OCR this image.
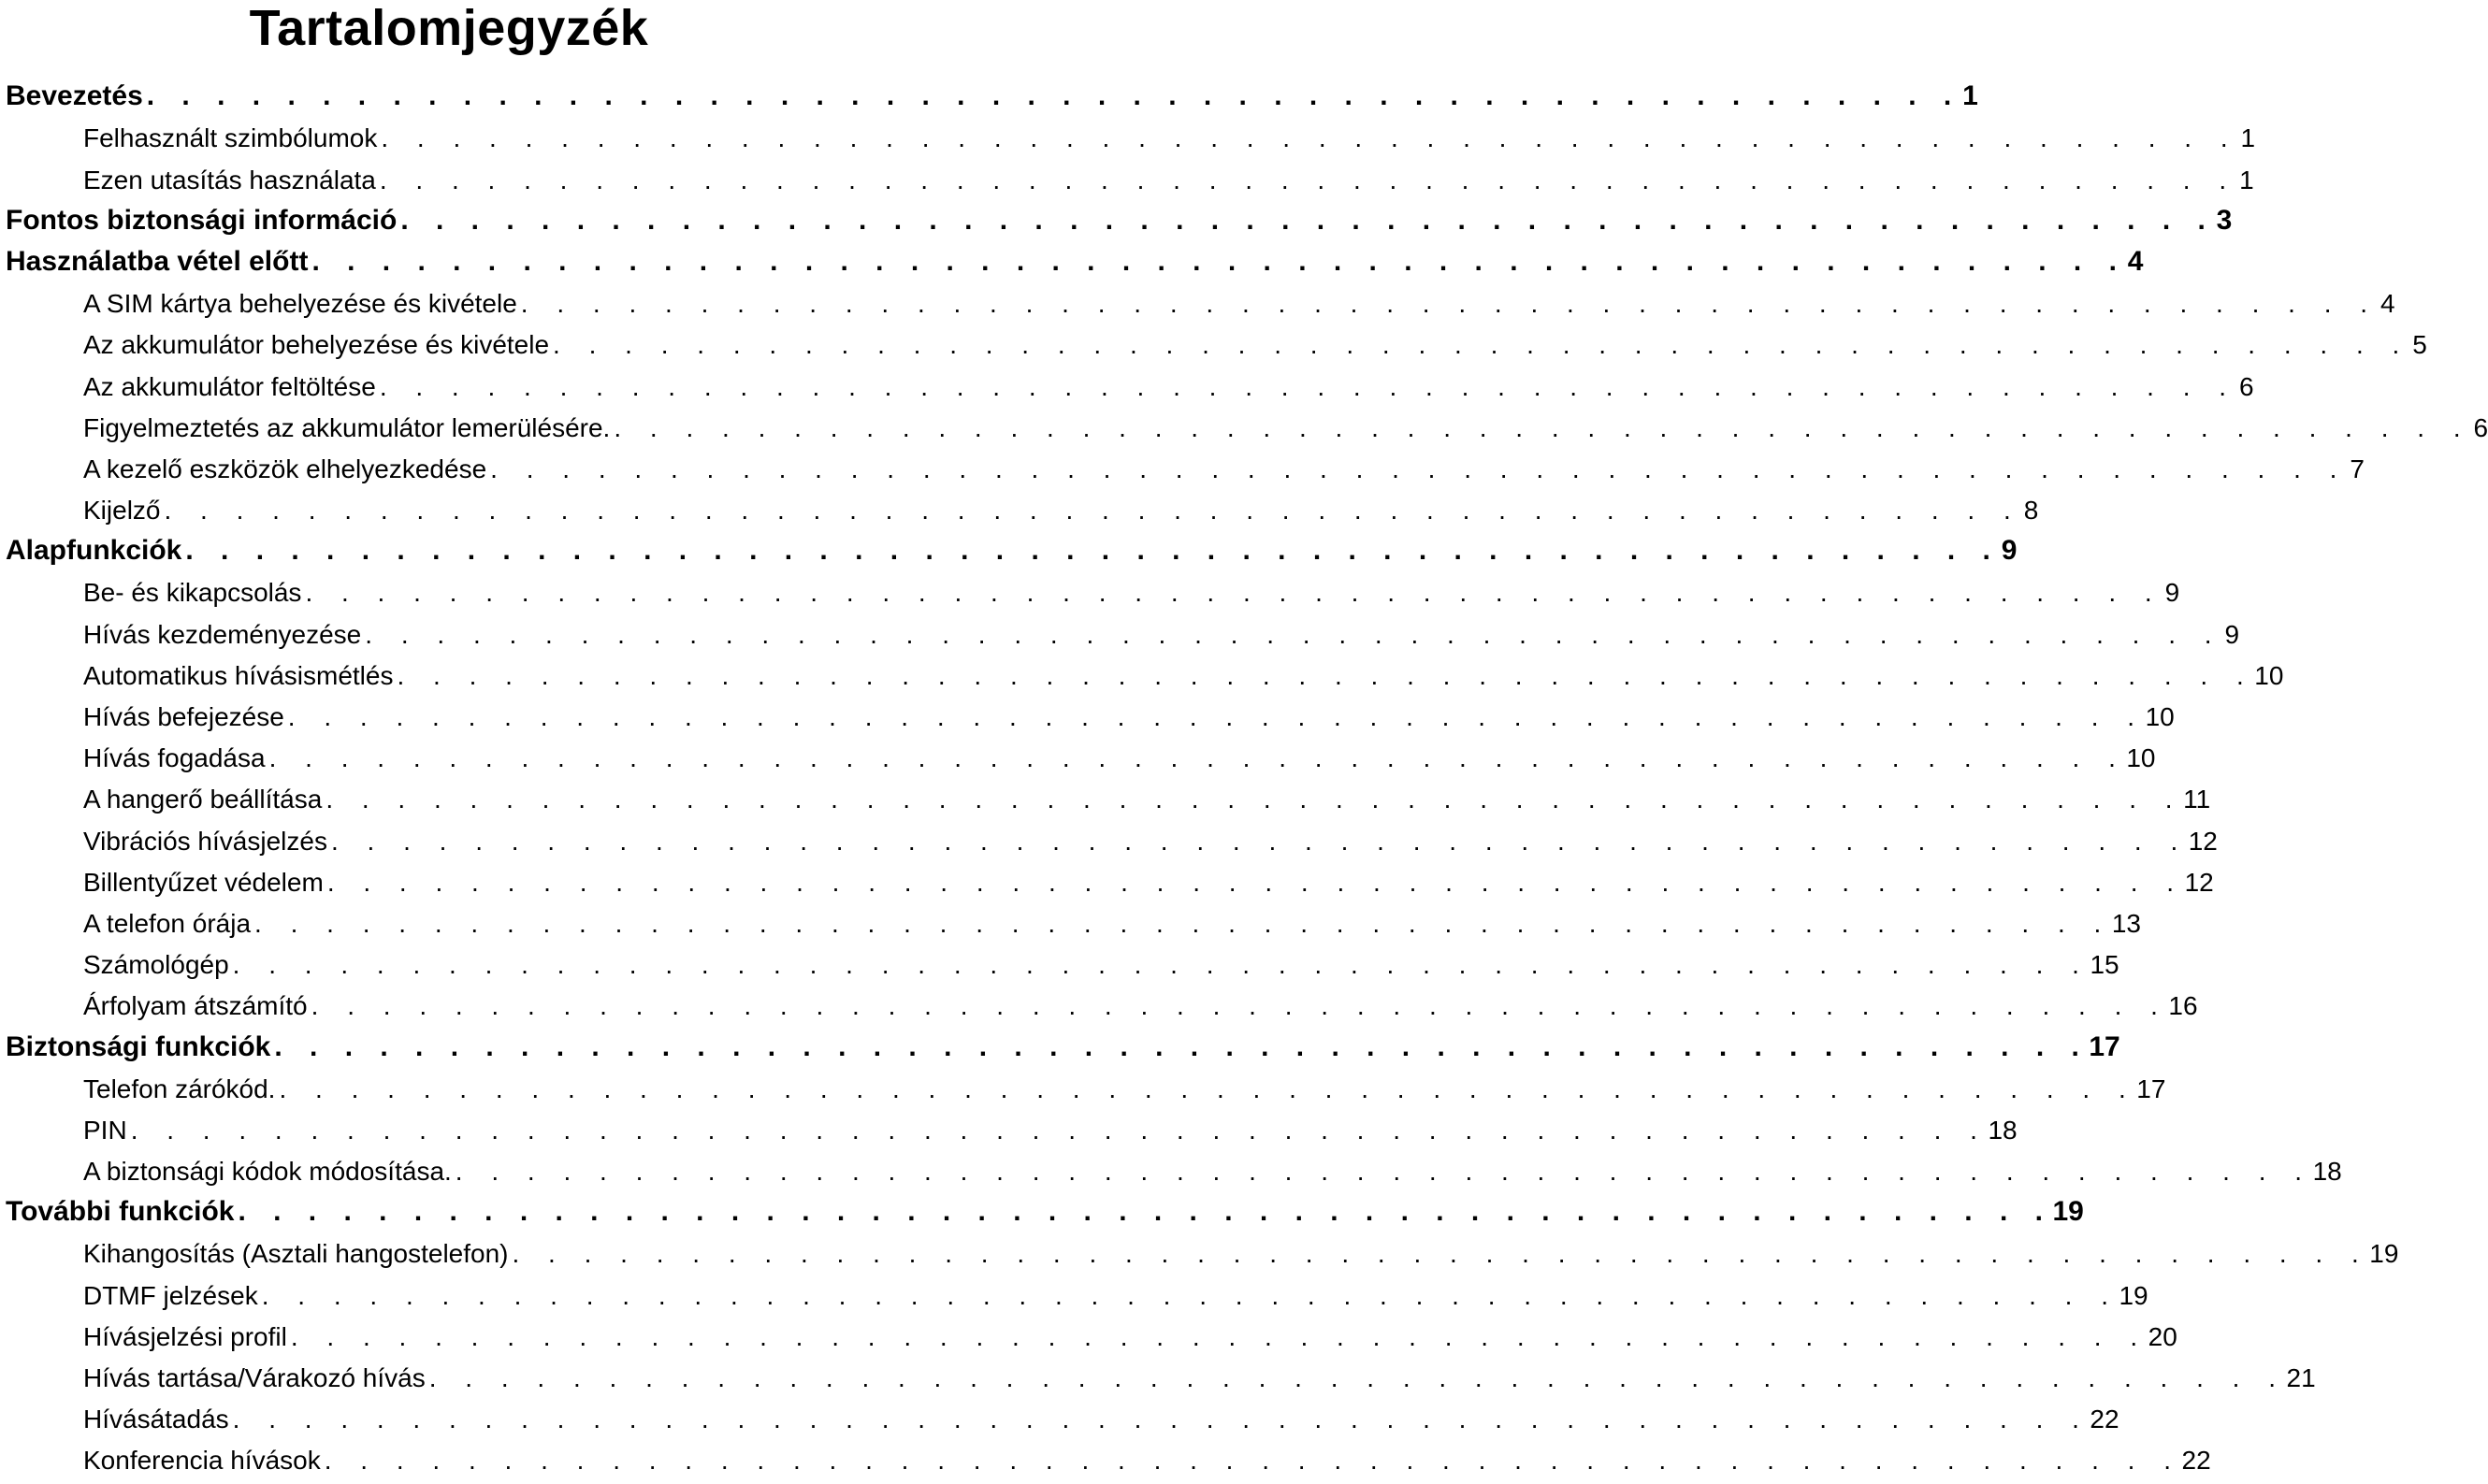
Tartalomjegyzék
Bevezetés . . . . . . . . . . . . . . . . . . . . . . . . . . . . . . . . . . . . . . . . . . . . . . . . . . . . 1
Felhasznált szimbólumok . . . . . . . . . . . . . . . . . . . . . . . . . . . . . . . . . . . . . . . . . . . . . . . . . . . . 1
Ezen utasítás használata . . . . . . . . . . . . . . . . . . . . . . . . . . . . . . . . . . . . . . . . . . . . . . . . . . . . 1
Fontos biztonsági információ . . . . . . . . . . . . . . . . . . . . . . . . . . . . . . . . . . . . . . . . . . . . . . . . . . . . 3
Használatba vétel előtt . . . . . . . . . . . . . . . . . . . . . . . . . . . . . . . . . . . . . . . . . . . . . . . . . . . . 4
A SIM kártya behelyezése és kivétele . . . . . . . . . . . . . . . . . . . . . . . . . . . . . . . . . . . . . . . . . . . . . . . . . . . . 4
Az akkumulátor behelyezése és kivétele . . . . . . . . . . . . . . . . . . . . . . . . . . . . . . . . . . . . . . . . . . . . . . . . . . . . 5
Az akkumulátor feltöltése . . . . . . . . . . . . . . . . . . . . . . . . . . . . . . . . . . . . . . . . . . . . . . . . . . . . 6
Figyelmeztetés az akkumulátor lemerülésére. . . . . . . . . . . . . . . . . . . . . . . . . . . . . . . . . . . . . . . . . . . . . . . . . . . . . 6
A kezelő eszközök elhelyezkedése . . . . . . . . . . . . . . . . . . . . . . . . . . . . . . . . . . . . . . . . . . . . . . . . . . . . 7
Kijelző . . . . . . . . . . . . . . . . . . . . . . . . . . . . . . . . . . . . . . . . . . . . . . . . . . . . 8
Alapfunkciók . . . . . . . . . . . . . . . . . . . . . . . . . . . . . . . . . . . . . . . . . . . . . . . . . . . . 9
Be- és kikapcsolás . . . . . . . . . . . . . . . . . . . . . . . . . . . . . . . . . . . . . . . . . . . . . . . . . . . . 9
Hívás kezdeményezése . . . . . . . . . . . . . . . . . . . . . . . . . . . . . . . . . . . . . . . . . . . . . . . . . . . . 9
Automatikus hívásismétlés . . . . . . . . . . . . . . . . . . . . . . . . . . . . . . . . . . . . . . . . . . . . . . . . . . . . 10
Hívás befejezése . . . . . . . . . . . . . . . . . . . . . . . . . . . . . . . . . . . . . . . . . . . . . . . . . . . . 10
Hívás fogadása . . . . . . . . . . . . . . . . . . . . . . . . . . . . . . . . . . . . . . . . . . . . . . . . . . . . 10
A hangerő beállítása . . . . . . . . . . . . . . . . . . . . . . . . . . . . . . . . . . . . . . . . . . . . . . . . . . . . 11
Vibrációs hívásjelzés . . . . . . . . . . . . . . . . . . . . . . . . . . . . . . . . . . . . . . . . . . . . . . . . . . . . 12
Billentyűzet védelem . . . . . . . . . . . . . . . . . . . . . . . . . . . . . . . . . . . . . . . . . . . . . . . . . . . . 12
A telefon órája . . . . . . . . . . . . . . . . . . . . . . . . . . . . . . . . . . . . . . . . . . . . . . . . . . . . 13
Számológép . . . . . . . . . . . . . . . . . . . . . . . . . . . . . . . . . . . . . . . . . . . . . . . . . . . . 15
Árfolyam átszámító . . . . . . . . . . . . . . . . . . . . . . . . . . . . . . . . . . . . . . . . . . . . . . . . . . . . 16
Biztonsági funkciók . . . . . . . . . . . . . . . . . . . . . . . . . . . . . . . . . . . . . . . . . . . . . . . . . . . . 17
Telefon zárókód. . . . . . . . . . . . . . . . . . . . . . . . . . . . . . . . . . . . . . . . . . . . . . . . . . . . . 17
PIN . . . . . . . . . . . . . . . . . . . . . . . . . . . . . . . . . . . . . . . . . . . . . . . . . . . . 18
A biztonsági kódok módosítása. . . . . . . . . . . . . . . . . . . . . . . . . . . . . . . . . . . . . . . . . . . . . . . . . . . . . 18
További funkciók . . . . . . . . . . . . . . . . . . . . . . . . . . . . . . . . . . . . . . . . . . . . . . . . . . . . 19
Kihangosítás (Asztali hangostelefon) . . . . . . . . . . . . . . . . . . . . . . . . . . . . . . . . . . . . . . . . . . . . . . . . . . . . 19
DTMF jelzések . . . . . . . . . . . . . . . . . . . . . . . . . . . . . . . . . . . . . . . . . . . . . . . . . . . . 19
Hívásjelzési profil . . . . . . . . . . . . . . . . . . . . . . . . . . . . . . . . . . . . . . . . . . . . . . . . . . . . 20
Hívás tartása/Várakozó hívás . . . . . . . . . . . . . . . . . . . . . . . . . . . . . . . . . . . . . . . . . . . . . . . . . . . . 21
Hívásátadás . . . . . . . . . . . . . . . . . . . . . . . . . . . . . . . . . . . . . . . . . . . . . . . . . . . . 22
Konferencia hívások . . . . . . . . . . . . . . . . . . . . . . . . . . . . . . . . . . . . . . . . . . . . . . . . . . . . 22
